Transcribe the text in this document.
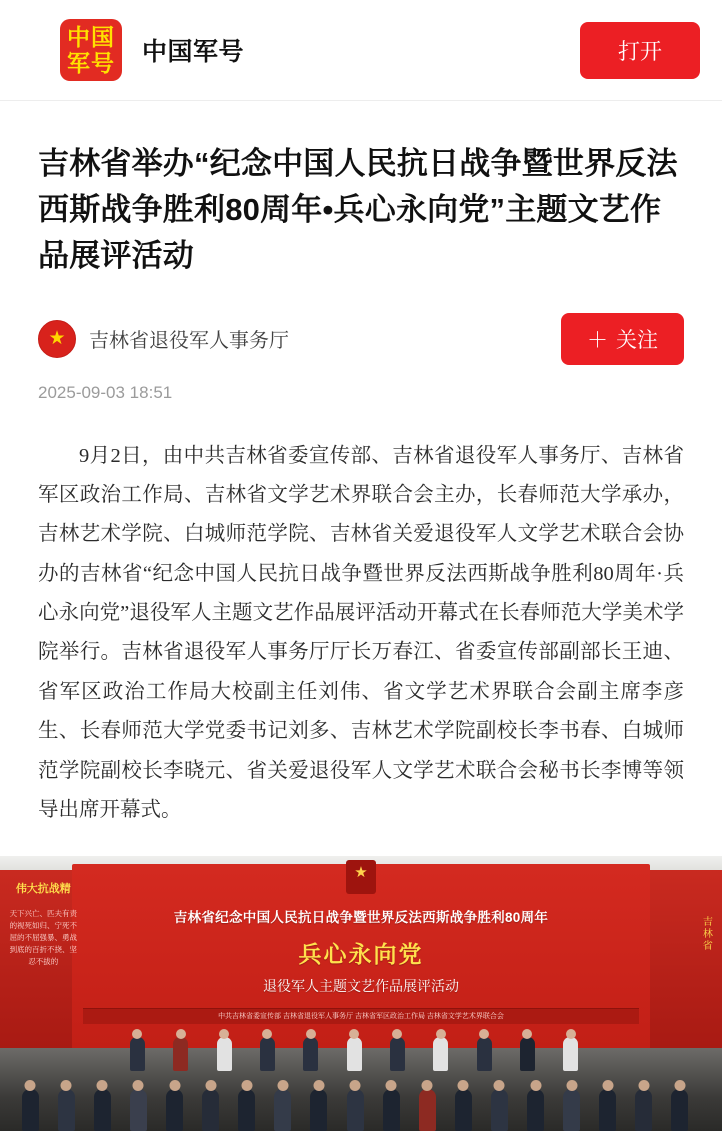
中国
军号 中国军号	打开
吉林省举办“纪念中国人民抗日战争暨世界反法西斯战争胜利80周年•兵心永向党”主题文艺作品展评活动
★ 吉林省退役军人事务厅	＋ 关注
2025-09-03 18:51

9月2日，由中共吉林省委宣传部、吉林省退役军人事务厅、吉林省军区政治工作局、吉林省文学艺术界联合会主办，长春师范大学承办，吉林艺术学院、白城师范学院、吉林省关爱退役军人文学艺术联合会协办的吉林省“纪念中国人民抗日战争暨世界反法西斯战争胜利80周年·兵心永向党”退役军人主题文艺作品展评活动开幕式在长春师范大学美术学院举行。吉林省退役军人事务厅厅长万春江、省委宣传部副部长王迪、省军区政治工作局大校副主任刘伟、省文学艺术界联合会副主席李彦生、长春师范大学党委书记刘多、吉林艺术学院副校长李书春、白城师范学院副校长李晓元、省关爱退役军人文学艺术联合会秘书长李博等领导出席开幕式。

★
伟大抗战精
天下兴亡、匹夫有责的视死如归、宁死不屈的不屈强暴、勇战到底的百折不挠、坚忍不拔的
吉林省
吉林省纪念中国人民抗日战争暨世界反法西斯战争胜利80周年
兵心永向党
退役军人主题文艺作品展评活动
中共吉林省委宣传部 吉林省退役军人事务厅 吉林省军区政治工作局 吉林省文学艺术界联合会
